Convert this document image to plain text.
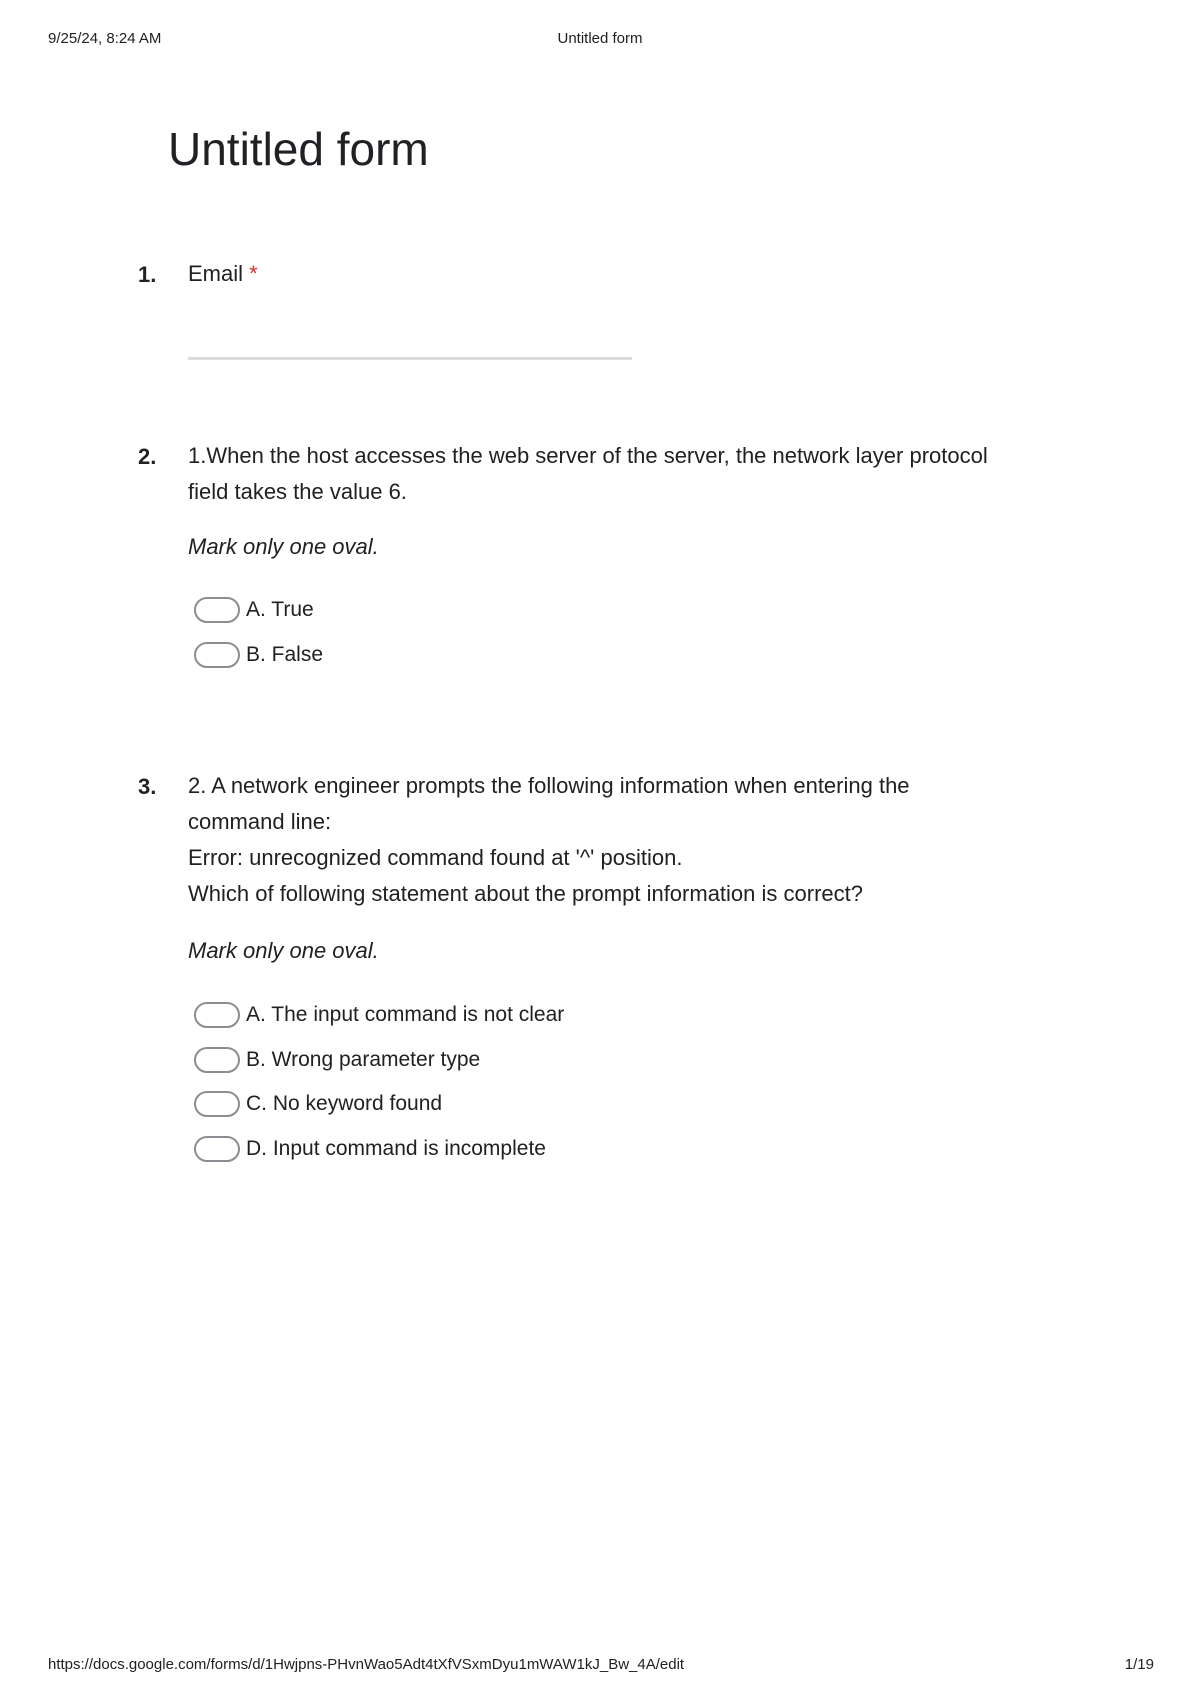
9/25/24, 8:24 AM	Untitled form
Untitled form
1. Email *
2. 1.When the host accesses the web server of the server, the network layer protocol
field takes the value 6.
Mark only one oval.
A. True
B. False
3. 2. A network engineer prompts the following information when entering the
command line:
Error: unrecognized command found at '^' position.
Which of following statement about the prompt information is correct?
Mark only one oval.
A. The input command is not clear
B. Wrong parameter type
C. No keyword found
D. Input command is incomplete
https://docs.google.com/forms/d/1Hwjpns-PHvnWao5Adt4tXfVSxmDyu1mWAW1kJ_Bw_4A/edit	1/19
